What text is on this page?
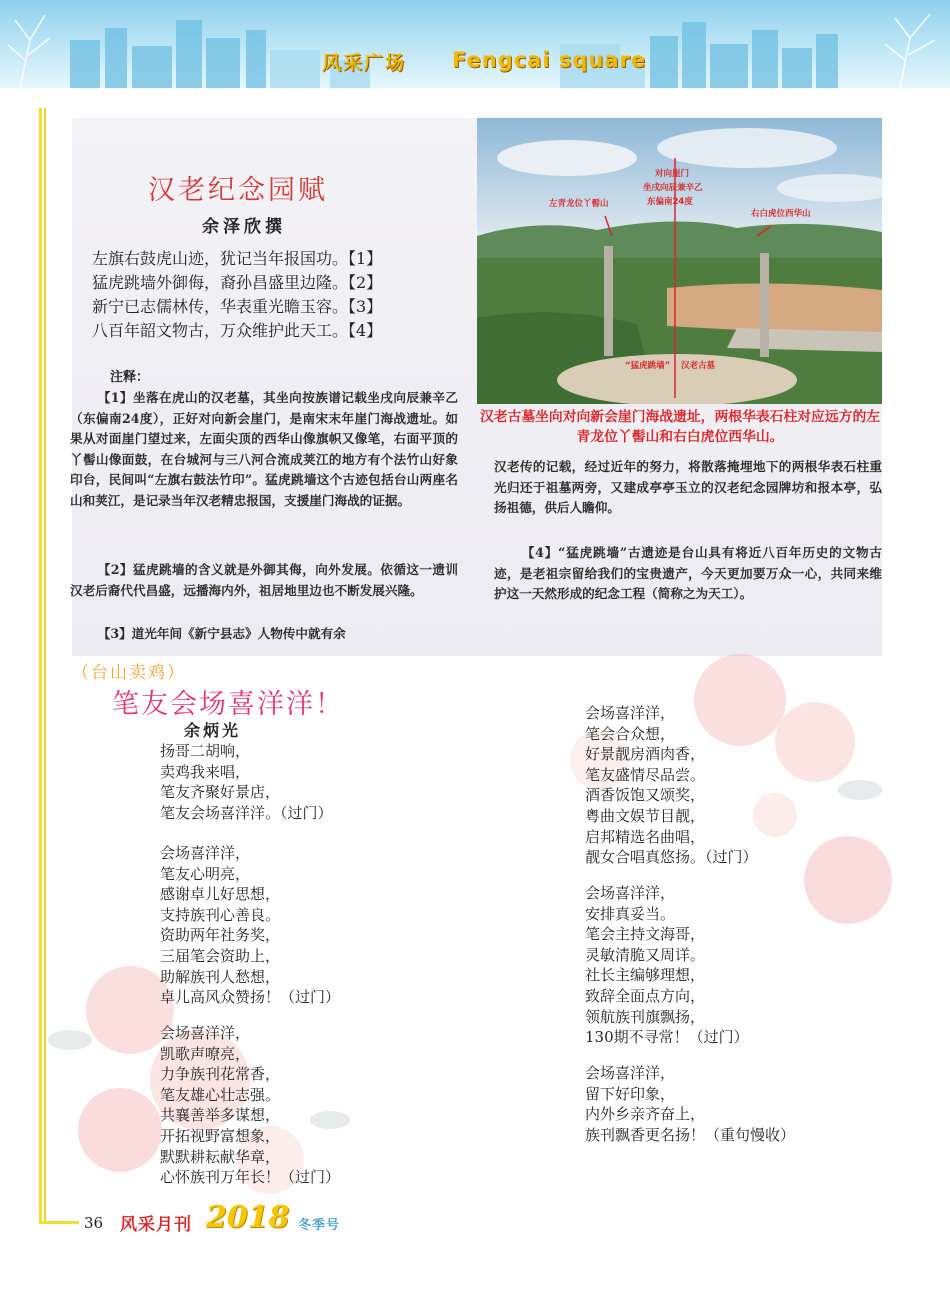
风采广场 Fengcai square
汉老纪念园赋
余泽欣撰
左旗右鼓虎山迹，犹记当年报国功。【1】
猛虎跳墙外御侮，裔孙昌盛里边隆。【2】
新宁已志儒林传，华表重光瞻玉容。【3】
八百年韶文物古，万众维护此天工。【4】
注释：
【1】坐落在虎山的汉老墓，其坐向按族谱记载坐戌向辰兼辛乙（东偏南24度），正好对向新会崖门，是南宋末年崖门海战遗址。如果从对面崖门望过来，左面尖顶的西华山像旗帜又像笔，右面平顶的丫髻山像面鼓，在台城河与三八河合流成荚江的地方有个法竹山好象印台，民间叫“左旗右鼓法竹印”。猛虎跳墙这个古迹包括台山两座名山和荚江，是记录当年汉老精忠报国，支援崖门海战的证据。
【2】猛虎跳墙的含义就是外御其侮，向外发展。依循这一遗训汉老后裔代代昌盛，远播海内外，祖居地里边也不断发展兴隆。
【3】道光年间《新宁县志》人物传中就有余
对向崖门
坐戌向辰兼辛乙
东偏南24度
左青龙位丫髻山
右白虎位西华山
“猛虎跳墙” 汉老古墓
汉老古墓坐向对向新会崖门海战遗址，两根华表石柱对应远方的左青龙位丫髻山和右白虎位西华山。
汉老传的记载，经过近年的努力，将散落掩埋地下的两根华表石柱重光归还于祖墓两旁，又建成亭亭玉立的汉老纪念园牌坊和报本亭，弘扬祖德，供后人瞻仰。
【4】“猛虎跳墙”古遗迹是台山具有将近八百年历史的文物古迹，是老祖宗留给我们的宝贵遗产，今天更加要万众一心，共同来维护这一天然形成的纪念工程（简称之为天工）。
（台山卖鸡）
笔友会场喜洋洋！
余炳光
扬哥二胡响，
卖鸡我来唱，
笔友齐聚好景店，
笔友会场喜洋洋。（过门）
会场喜洋洋，
笔友心明亮，
感谢卓儿好思想，
支持族刊心善良。
资助两年社务奖，
三届笔会资助上，
助解族刊人愁想，
卓儿高风众赞扬！（过门）
会场喜洋洋，
凯歌声嘹亮，
力争族刊花常香，
笔友雄心壮志强。
共襄善举多谋想，
开拓视野富想象，
默默耕耘献华章，
心怀族刊万年长！（过门）
会场喜洋洋，
笔会合众想，
好景靓房酒肉香，
笔友盛情尽品尝。
酒香饭饱又颂奖，
粤曲文娱节目靓，
启邦精选名曲唱，
靓女合唱真悠扬。（过门）
会场喜洋洋，
安排真妥当。
笔会主持文海哥，
灵敏清脆又周详。
社长主编够理想，
致辞全面点方向，
领航族刊旗飘扬，
130期不寻常！（过门）
会场喜洋洋，
留下好印象，
内外乡亲齐奋上，
族刊飘香更名扬！（重句慢收）
36 风采月刊 2018 冬季号
